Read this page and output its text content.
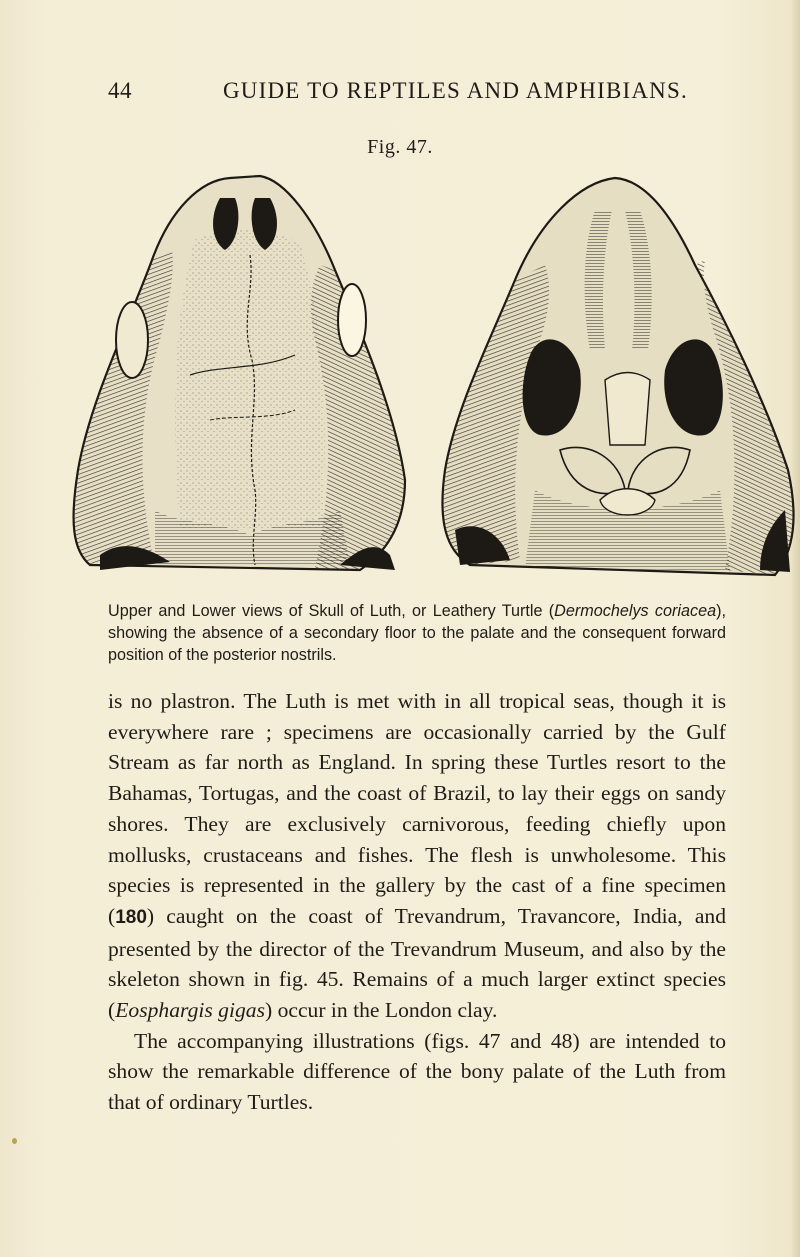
44	GUIDE TO REPTILES AND AMPHIBIANS.
Fig. 47.
Upper and Lower views of Skull of Luth, or Leathery Turtle (Dermochelys coriacea), showing the absence of a secondary floor to the palate and the consequent forward position of the posterior nostrils.

is no plastron. The Luth is met with in all tropical seas, though it is everywhere rare ; specimens are occasionally carried by the Gulf Stream as far north as England. In spring these Turtles resort to the Bahamas, Tortugas, and the coast of Brazil, to lay their eggs on sandy shores. They are exclusively carnivorous, feeding chiefly upon mollusks, crustaceans and fishes. The flesh is unwholesome. This species is represented in the gallery by the cast of a fine specimen (180) caught on the coast of Trevandrum, Travancore, India, and presented by the director of the Trevandrum Museum, and also by the skeleton shown in fig. 45. Remains of a much larger extinct species (Eosphargis gigas) occur in the London clay.

The accompanying illustrations (figs. 47 and 48) are intended to show the remarkable difference of the bony palate of the Luth from that of ordinary Turtles.
